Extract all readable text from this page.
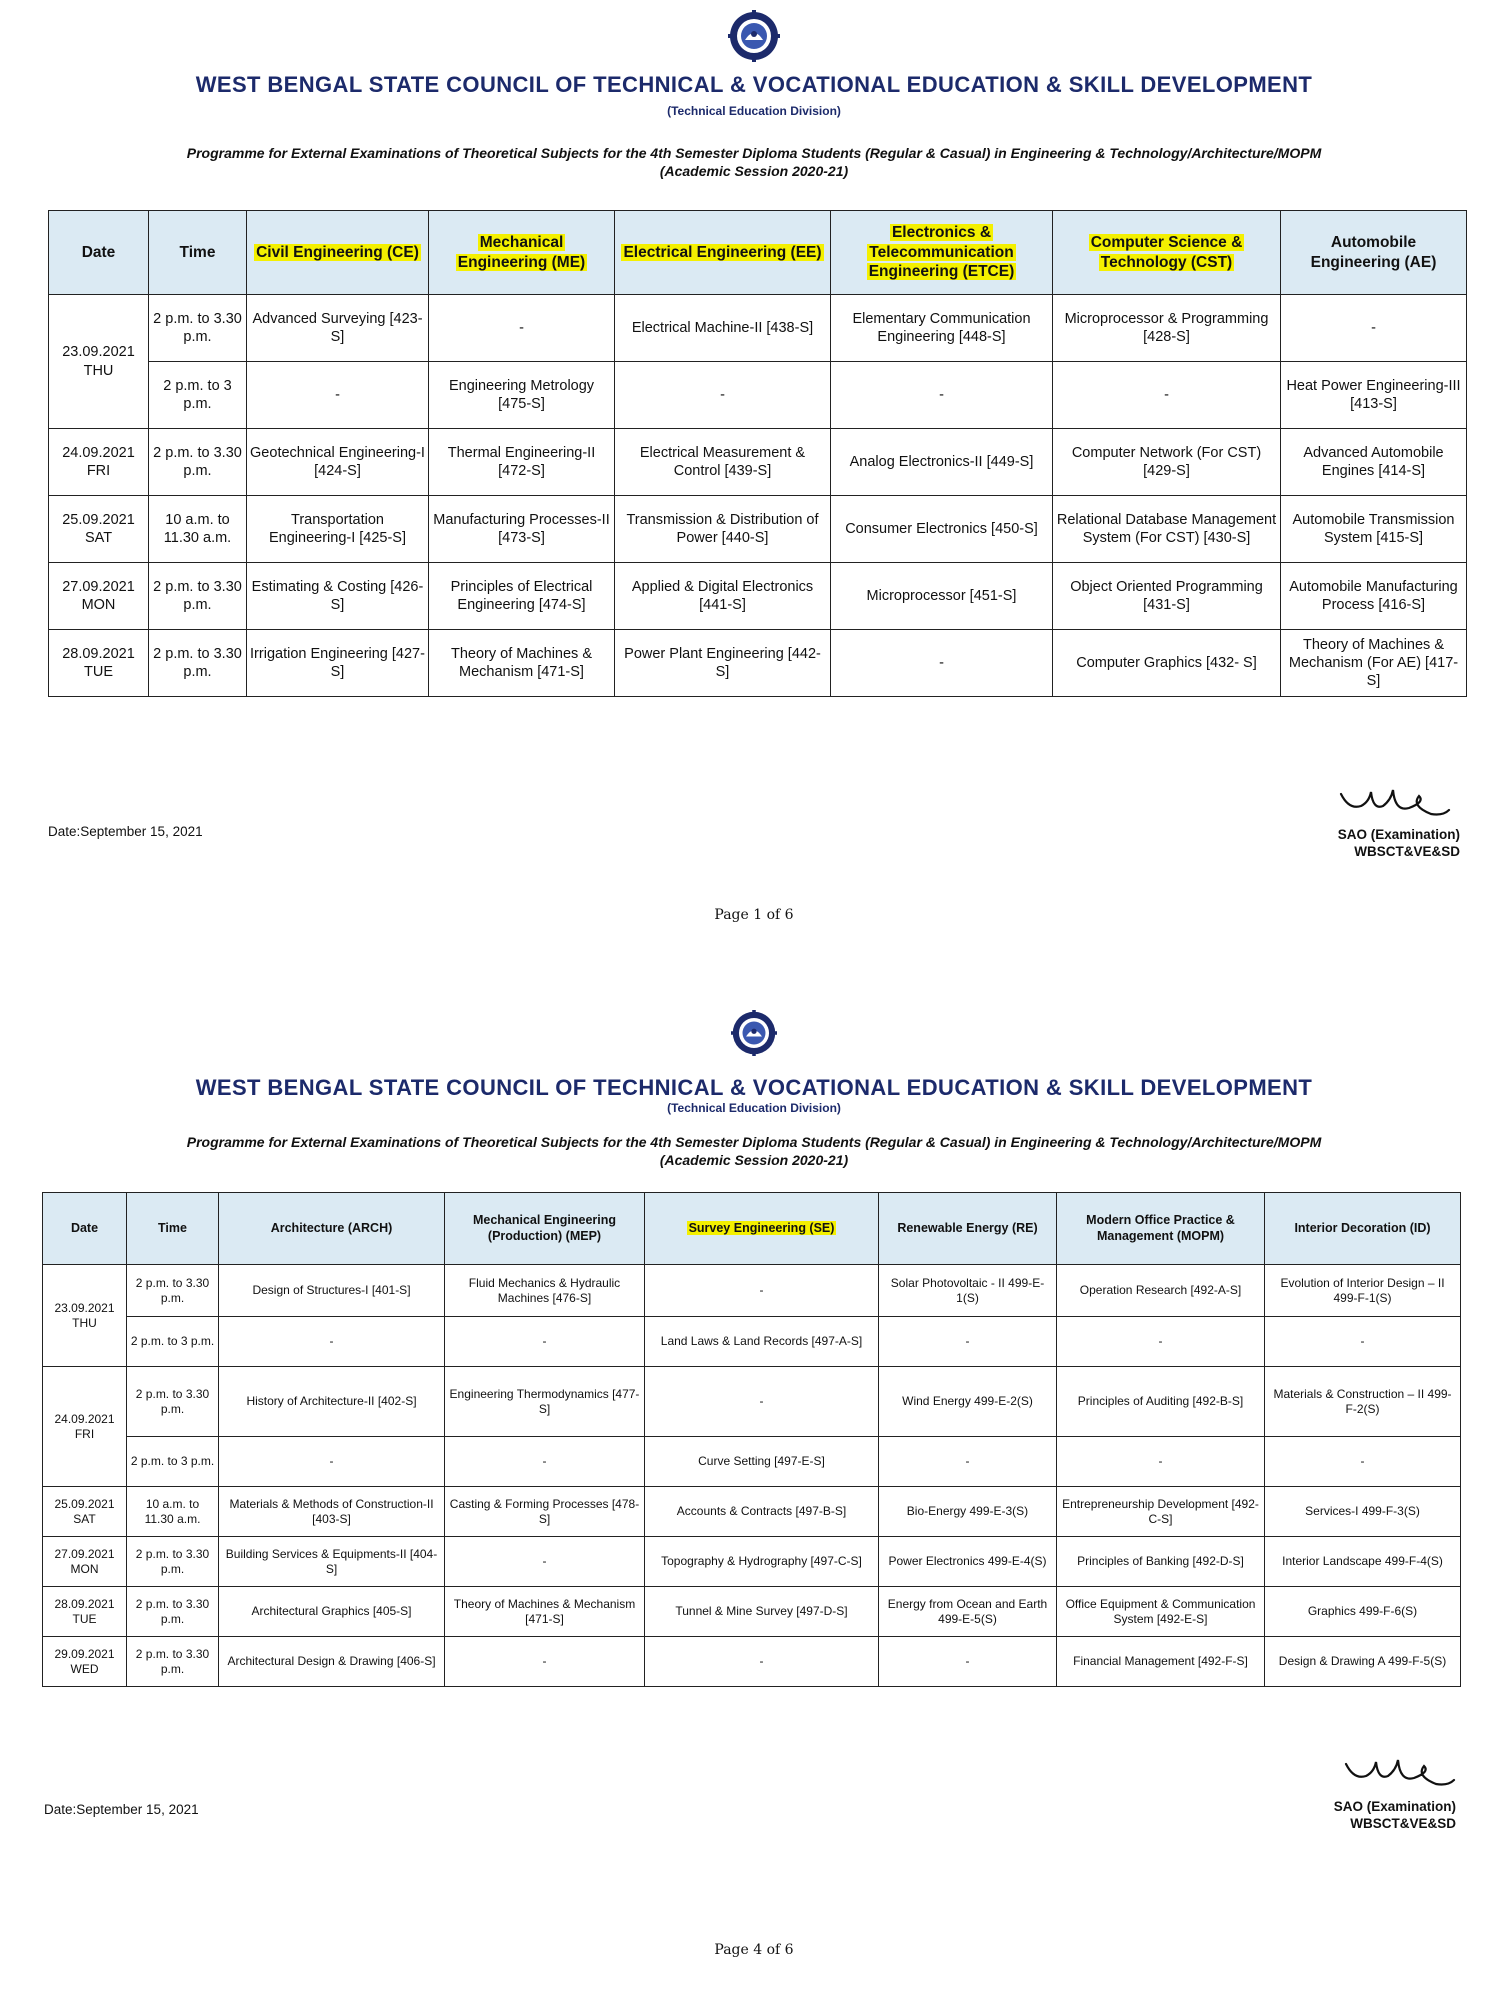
WEST BENGAL STATE COUNCIL OF TECHNICAL & VOCATIONAL EDUCATION & SKILL DEVELOPMENT
(Technical Education Division)
Programme for External Examinations of Theoretical Subjects for the 4th Semester Diploma Students (Regular & Casual) in Engineering & Technology/Architecture/MOPM
(Academic Session 2020-21)
Date	Time	Civil Engineering (CE)	Mechanical Engineering (ME)	Electrical Engineering (EE)	Electronics & Telecommunication Engineering (ETCE)	Computer Science & Technology (CST)	Automobile Engineering (AE)
23.09.2021 THU	2 p.m. to 3.30 p.m.	Advanced Surveying [423-S]	-	Electrical Machine-II [438-S]	Elementary Communication Engineering [448-S]	Microprocessor & Programming [428-S]	-
	2 p.m. to 3 p.m.	-	Engineering Metrology [475-S]	-	-	-	Heat Power Engineering-III [413-S]
24.09.2021 FRI	2 p.m. to 3.30 p.m.	Geotechnical Engineering-I [424-S]	Thermal Engineering-II [472-S]	Electrical Measurement & Control [439-S]	Analog Electronics-II [449-S]	Computer Network (For CST) [429-S]	Advanced Automobile Engines [414-S]
25.09.2021 SAT	10 a.m. to 11.30 a.m.	Transportation Engineering-I [425-S]	Manufacturing Processes-II [473-S]	Transmission & Distribution of Power [440-S]	Consumer Electronics [450-S]	Relational Database Management System (For CST) [430-S]	Automobile Transmission System [415-S]
27.09.2021 MON	2 p.m. to 3.30 p.m.	Estimating & Costing [426-S]	Principles of Electrical Engineering [474-S]	Applied & Digital Electronics [441-S]	Microprocessor [451-S]	Object Oriented Programming [431-S]	Automobile Manufacturing Process [416-S]
28.09.2021 TUE	2 p.m. to 3.30 p.m.	Irrigation Engineering [427-S]	Theory of Machines & Mechanism [471-S]	Power Plant Engineering [442-S]	-	Computer Graphics [432- S]	Theory of Machines & Mechanism (For AE) [417-S]
Date:September 15, 2021	SAO (Examination)
WBSCT&VE&SD
Page 1 of 6
WEST BENGAL STATE COUNCIL OF TECHNICAL & VOCATIONAL EDUCATION & SKILL DEVELOPMENT
(Technical Education Division)
Programme for External Examinations of Theoretical Subjects for the 4th Semester Diploma Students (Regular & Casual) in Engineering & Technology/Architecture/MOPM
(Academic Session 2020-21)
Date	Time	Architecture (ARCH)	Mechanical Engineering (Production) (MEP)	Survey Engineering (SE)	Renewable Energy (RE)	Modern Office Practice & Management (MOPM)	Interior Decoration (ID)
23.09.2021 THU	2 p.m. to 3.30 p.m.	Design of Structures-I [401-S]	Fluid Mechanics & Hydraulic Machines [476-S]	-	Solar Photovoltaic - II 499-E-1(S)	Operation Research [492-A-S]	Evolution of Interior Design – II 499-F-1(S)
	2 p.m. to 3 p.m.	-	-	Land Laws & Land Records [497-A-S]	-	-	-
24.09.2021 FRI	2 p.m. to 3.30 p.m.	History of Architecture-II [402-S]	Engineering Thermodynamics [477-S]	-	Wind Energy 499-E-2(S)	Principles of Auditing [492-B-S]	Materials & Construction – II 499-F-2(S)
	2 p.m. to 3 p.m.	-	-	Curve Setting [497-E-S]	-	-	-
25.09.2021 SAT	10 a.m. to 11.30 a.m.	Materials & Methods of Construction-II [403-S]	Casting & Forming Processes [478-S]	Accounts & Contracts [497-B-S]	Bio-Energy 499-E-3(S)	Entrepreneurship Development [492-C-S]	Services-I 499-F-3(S)
27.09.2021 MON	2 p.m. to 3.30 p.m.	Building Services & Equipments-II [404-S]	-	Topography & Hydrography [497-C-S]	Power Electronics 499-E-4(S)	Principles of Banking [492-D-S]	Interior Landscape 499-F-4(S)
28.09.2021 TUE	2 p.m. to 3.30 p.m.	Architectural Graphics [405-S]	Theory of Machines & Mechanism [471-S]	Tunnel & Mine Survey [497-D-S]	Energy from Ocean and Earth 499-E-5(S)	Office Equipment & Communication System [492-E-S]	Graphics 499-F-6(S)
29.09.2021 WED	2 p.m. to 3.30 p.m.	Architectural Design & Drawing [406-S]	-	-	-	Financial Management [492-F-S]	Design & Drawing A 499-F-5(S)
Date:September 15, 2021	SAO (Examination)
WBSCT&VE&SD
Page 4 of 6
